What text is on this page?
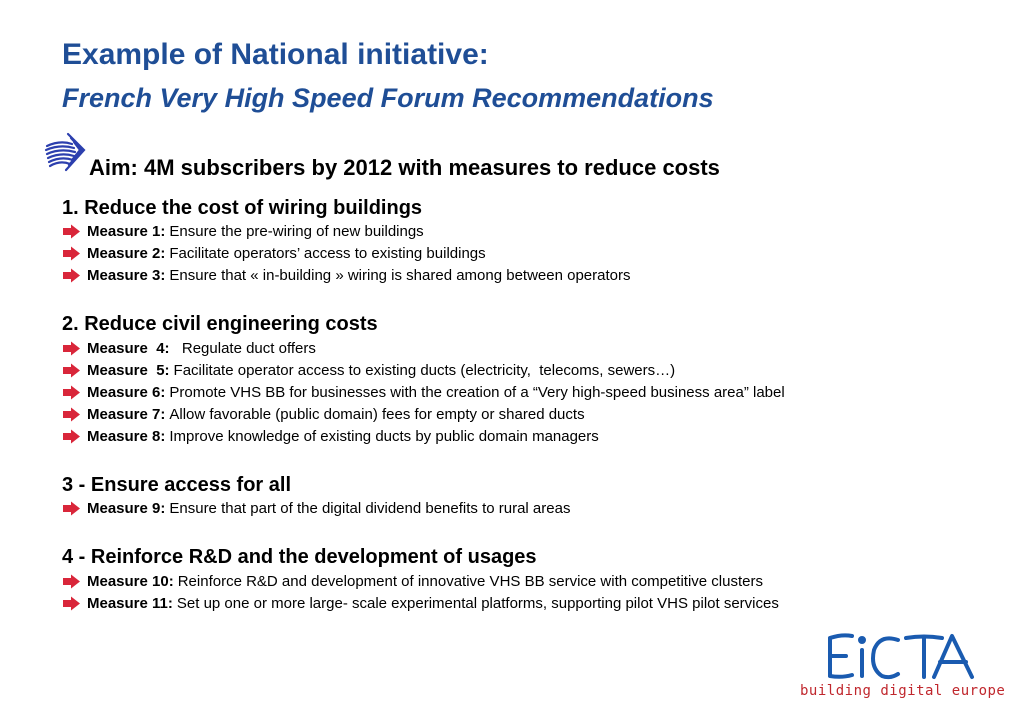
Example of National initiative:
French Very High Speed Forum Recommendations
Aim: 4M subscribers by 2012 with measures to reduce costs
1. Reduce the cost of wiring buildings
Measure 1: Ensure the pre-wiring of new buildings
Measure 2: Facilitate operators’ access to existing buildings
Measure 3: Ensure that « in-building » wiring is shared among between operators
2. Reduce civil engineering costs
Measure  4: Regulate duct offers
Measure  5: Facilitate operator access to existing ducts (electricity,  telecoms, sewers…)
Measure 6: Promote VHS BB for businesses with the creation of a “Very high-speed business area” label
Measure 7: Allow favorable (public domain) fees for empty or shared ducts
Measure 8: Improve knowledge of existing ducts by public domain managers
3 - Ensure access for all
Measure 9: Ensure that part of the digital dividend benefits to rural areas
4 - Reinforce R&D and the development of usages
Measure 10: Reinforce R&D and development of innovative VHS BB service with competitive clusters
Measure 11: Set up one or more large- scale experimental platforms, supporting pilot VHS pilot services
building digital europe
